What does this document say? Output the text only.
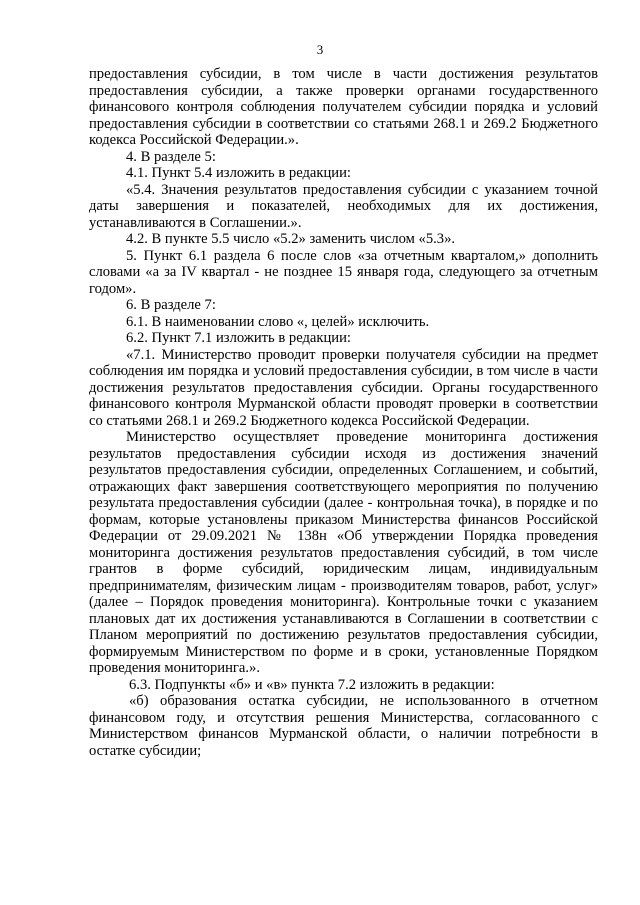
3

предоставления субсидии, в том числе в части достижения результатов предоставления субсидии, а также проверки органами государственного финансового контроля соблюдения получателем субсидии порядка и условий предоставления субсидии в соответствии со статьями 268.1 и 269.2 Бюджетного кодекса Российской Федерации.».

4. В разделе 5:

4.1. Пункт 5.4 изложить в редакции:

«5.4. Значения результатов предоставления субсидии с указанием точной даты завершения и показателей, необходимых для их достижения, устанавливаются в Соглашении.».

4.2. В пункте 5.5 число «5.2» заменить числом «5.3».

5. Пункт 6.1 раздела 6 после слов «за отчетным кварталом,» дополнить словами «а за IV квартал - не позднее 15 января года, следующего за отчетным годом».

6. В разделе 7:

6.1. В наименовании слово «, целей» исключить.

6.2. Пункт 7.1 изложить в редакции:

«7.1. Министерство проводит проверки получателя субсидии на предмет соблюдения им порядка и условий предоставления субсидии, в том числе в части достижения результатов предоставления субсидии. Органы государственного финансового контроля Мурманской области проводят проверки в соответствии со статьями 268.1 и 269.2 Бюджетного кодекса Российской Федерации.

Министерство осуществляет проведение мониторинга достижения результатов предоставления субсидии исходя из достижения значений результатов предоставления субсидии, определенных Соглашением, и событий, отражающих факт завершения соответствующего мероприятия по получению результата предоставления субсидии (далее - контрольная точка), в порядке и по формам, которые установлены приказом Министерства финансов Российской Федерации от 29.09.2021 № 138н «Об утверждении Порядка проведения мониторинга достижения результатов предоставления субсидий, в том числе грантов в форме субсидий, юридическим лицам, индивидуальным предпринимателям, физическим лицам - производителям товаров, работ, услуг» (далее – Порядок проведения мониторинга). Контрольные точки с указанием плановых дат их достижения устанавливаются в Соглашении в соответствии с Планом мероприятий по достижению результатов предоставления субсидии, формируемым Министерством по форме и в сроки, установленные Порядком проведения мониторинга.».

6.3. Подпункты «б» и «в» пункта 7.2 изложить в редакции:

«б) образования остатка субсидии, не использованного в отчетном финансовом году, и отсутствия решения Министерства, согласованного с Министерством финансов Мурманской области, о наличии потребности в остатке субсидии;
